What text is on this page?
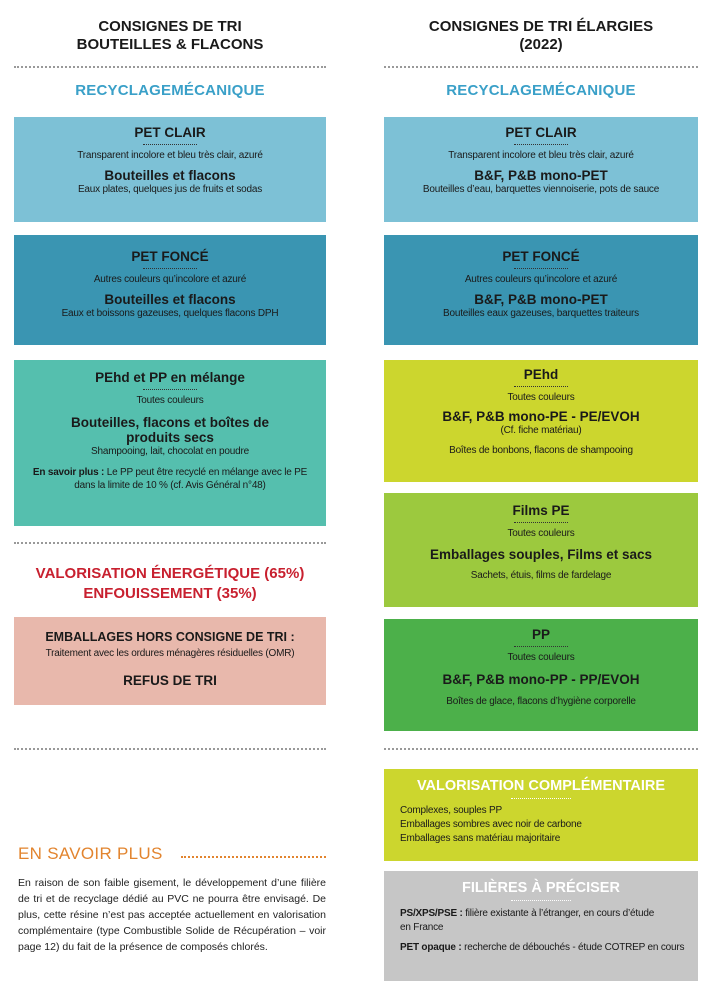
CONSIGNES DE TRI
BOUTEILLES & FLACONS
RECYCLAGEMÉCANIQUE
PET CLAIR
Transparent incolore et bleu très clair, azuré
Bouteilles et flacons
Eaux plates, quelques jus de fruits et sodas
PET FONCÉ
Autres couleurs qu’incolore et azuré
Bouteilles et flacons
Eaux et boissons gazeuses, quelques flacons DPH
PEhd et PP en mélange
Toutes couleurs
Bouteilles, flacons et boîtes de
produits secs
Shampooing, lait, chocolat en poudre
En savoir plus : Le PP peut être recyclé en mélange avec le PE
dans la limite de 10 % (cf. Avis Général n°48)
VALORISATION ÉNERGÉTIQUE (65%)
ENFOUISSEMENT (35%)
EMBALLAGES HORS CONSIGNE DE TRI :
Traitement avec les ordures ménagères résiduelles (OMR)
REFUS DE TRI
EN SAVOIR PLUS
En raison de son faible gisement, le développement d’une filière de tri et de recyclage dédié au PVC ne pourra être envisagé. De plus, cette résine n’est pas acceptée actuellement en valorisation complémentaire (type Combustible Solide de Récupération – voir page 12) du fait de la présence de composés chlorés.
CONSIGNES DE TRI ÉLARGIES
(2022)
RECYCLAGEMÉCANIQUE
PET CLAIR
Transparent incolore et bleu très clair, azuré
B&F, P&B mono-PET
Bouteilles d’eau, barquettes viennoiserie, pots de sauce
PET FONCÉ
Autres couleurs qu’incolore et azuré
B&F, P&B mono-PET
Bouteilles eaux gazeuses, barquettes traiteurs
PEhd
Toutes couleurs
B&F, P&B mono-PE - PE/EVOH
(Cf. fiche matériau)
Boîtes de bonbons, flacons de shampooing
Films PE
Toutes couleurs
Emballages souples, Films et sacs
Sachets, étuis, films de fardelage
PP
Toutes couleurs
B&F, P&B mono-PP - PP/EVOH
Boîtes de glace, flacons d’hygiène corporelle
VALORISATION COMPLÉMENTAIRE
Complexes, souples PP
Emballages sombres avec noir de carbone
Emballages sans matériau majoritaire
FILIÈRES À PRÉCISER
PS/XPS/PSE : filière existante à l’étranger, en cours d’étude
en France
PET opaque : recherche de débouchés - étude COTREP en cours
